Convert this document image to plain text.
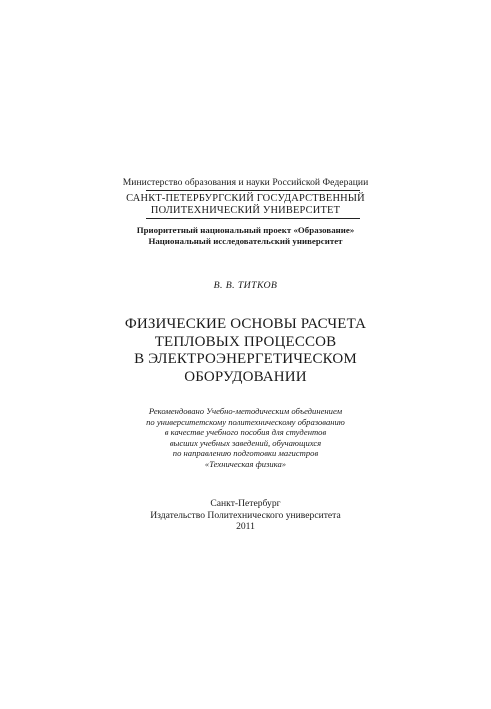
Министерство образования и науки Российской Федерации
САНКТ-ПЕТЕРБУРГСКИЙ ГОСУДАРСТВЕННЫЙ
ПОЛИТЕХНИЧЕСКИЙ УНИВЕРСИТЕТ
Приоритетный национальный проект «Образование»
Национальный исследовательский университет
В. В. ТИТКОВ
ФИЗИЧЕСКИЕ ОСНОВЫ РАСЧЕТА
ТЕПЛОВЫХ ПРОЦЕССОВ
В ЭЛЕКТРОЭНЕРГЕТИЧЕСКОМ
ОБОРУДОВАНИИ
Рекомендовано Учебно-методическим объединением
по университетскому политехническому образованию
в качестве учебного пособия для студентов
высших учебных заведений, обучающихся
по направлению подготовки магистров
«Техническая физика»
Санкт-Петербург
Издательство Политехнического университета
2011
